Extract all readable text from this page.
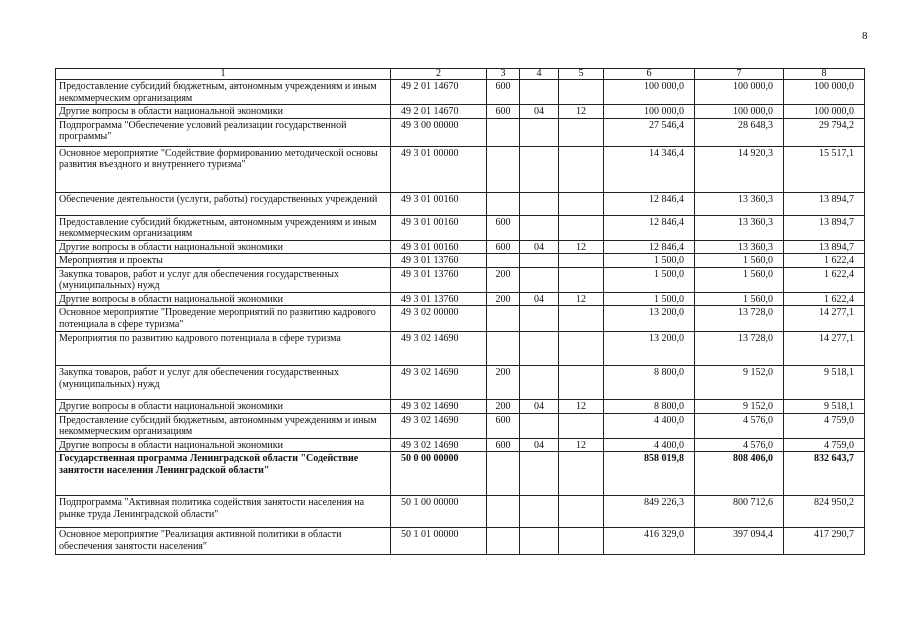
8
1	2	3	4	5	6	7	8
Предоставление субсидий бюджетным, автономным учреждениям и иным некоммерческим организациям	49 2 01 14670	600			100 000,0	100 000,0	100 000,0
Другие вопросы в области национальной экономики	49 2 01 14670	600	04	12	100 000,0	100 000,0	100 000,0
Подпрограмма "Обеспечение условий реализации государственной программы"	49 3 00 00000				27 546,4	28 648,3	29 794,2
Основное мероприятие "Содействие формированию методической основы развития въездного и внутреннего туризма"	49 3 01 00000				14 346,4	14 920,3	15 517,1
Обеспечение деятельности (услуги, работы) государственных учреждений	49 3 01 00160				12 846,4	13 360,3	13 894,7
Предоставление субсидий бюджетным, автономным учреждениям и иным некоммерческим организациям	49 3 01 00160	600			12 846,4	13 360,3	13 894,7
Другие вопросы в области национальной экономики	49 3 01 00160	600	04	12	12 846,4	13 360,3	13 894,7
Мероприятия и проекты	49 3 01 13760				1 500,0	1 560,0	1 622,4
Закупка товаров, работ и услуг для обеспечения государственных (муниципальных) нужд	49 3 01 13760	200			1 500,0	1 560,0	1 622,4
Другие вопросы в области национальной экономики	49 3 01 13760	200	04	12	1 500,0	1 560,0	1 622,4
Основное мероприятие "Проведение мероприятий по развитию кадрового потенциала в сфере туризма"	49 3 02 00000				13 200,0	13 728,0	14 277,1
Мероприятия по развитию кадрового потенциала в сфере туризма	49 3 02 14690				13 200,0	13 728,0	14 277,1
Закупка товаров, работ и услуг для обеспечения государственных (муниципальных) нужд	49 3 02 14690	200			8 800,0	9 152,0	9 518,1
Другие вопросы в области национальной экономики	49 3 02 14690	200	04	12	8 800,0	9 152,0	9 518,1
Предоставление субсидий бюджетным, автономным учреждениям и иным некоммерческим организациям	49 3 02 14690	600			4 400,0	4 576,0	4 759,0
Другие вопросы в области национальной экономики	49 3 02 14690	600	04	12	4 400,0	4 576,0	4 759,0
Государственная программа Ленинградской области "Содействие занятости населения Ленинградской области"	50 0 00 00000				858 019,8	808 406,0	832 643,7
Подпрограмма "Активная политика содействия занятости населения на рынке труда Ленинградской области"	50 1 00 00000				849 226,3	800 712,6	824 950,2
Основное мероприятие "Реализация активной политики в области обеспечения занятости населения"	50 1 01 00000				416 329,0	397 094,4	417 290,7
